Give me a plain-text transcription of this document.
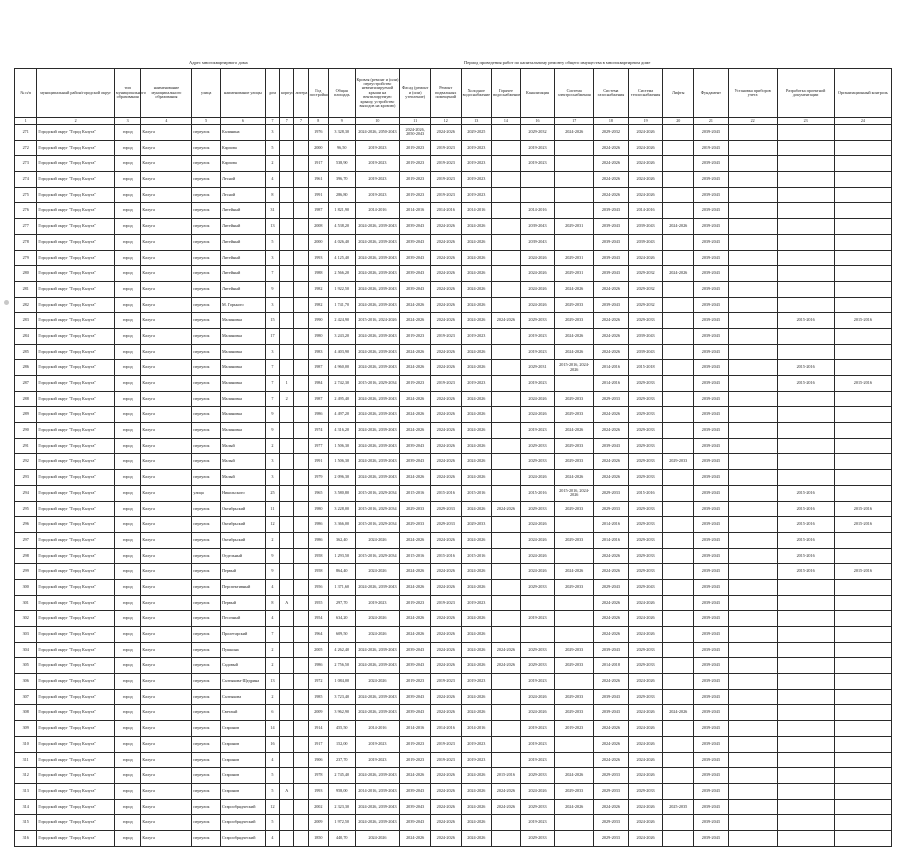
Адрес многоквартирного дома	Период проведения работ по капитальному ремонту общего имущества в многоквартирном доме
№ п/п	муниципальный район/городской округ	тип муниципального образования	наименование муниципального образования	улица	наименование улицы	дом	корпус	литера	Год постройки	Общая площадь	Кровля (ремонт и (или) переустройство невентилируемой крыши на вентилируемую крышу, устройство выходов на кровлю)	Фасад (ремонт и (или) утепление)	Ремонт подвальных помещений	Холодное водоснабжение	Горячее водоснабжение	Канализация	Система электроснабжения	Система газоснабжения	Система теплоснабжения	Лифты	Фундамент	Установка приборов учета	Разработка проектной документации	Организационный контроль
1	2	3	4	5	6	7	7	7	8	9	10	11	12	13	14	16	17	18	19	20	21	22	23	24
271	Городской округ "Город Калуга"	город	Калуга	переулок	Калинина	3			1976	3 328,30	2024-2026, 2050-2043	2024-2026, 2050-2043	2024-2026	2029-2025		2029-2032	2024-2026	2029-2032	2024-2026		2039-2043			
272	Городской округ "Город Калуга"	город	Калуга	переулок	Карпова	5			2000	96,50	2019-2023	2019-2023	2019-2023	2019-2023		2019-2023		2024-2026	2024-2026		2019-2043			
273	Городской округ "Город Калуга"	город	Калуга	переулок	Карпова	2			1917	538,90	2019-2023	2019-2023	2019-2023	2019-2023		2019-2023		2024-2026	2024-2026		2039-2043			
274	Городской округ "Город Калуга"	город	Калуга	переулок	Лесной	4			1961	396,70	2019-2023	2019-2023	2019-2023	2019-2023				2024-2026	2024-2026		2039-2043			
275	Городской округ "Город Калуга"	город	Калуга	переулок	Лесной	8			1991	286,80	2019-2023	2019-2023	2019-2023	2019-2023				2024-2026	2024-2026		2039-2043			
276	Городской округ "Город Калуга"	город	Калуга	переулок	Литейный	31			1987	1 821,90	2014-2016	2014-2016	2014-2016	2014-2016		2014-2016		2039-2043	2014-2016		2039-2043			
277	Городской округ "Город Калуга"	город	Калуга	переулок	Литейный	13			2008	4 538,20	2024-2026, 2039-2043	2039-2043	2024-2026	2024-2026		2039-2043	2029-2031	2039-2043	2039-2043	2024-2026	2039-2043			
278	Городской округ "Город Калуга"	город	Калуга	переулок	Литейный	5			2000	4 026,40	2024-2026, 2039-2043	2039-2043	2024-2026	2024-2026		2039-2043		2039-2043	2039-2043		2039-2043			
279	Городской округ "Город Калуга"	город	Калуга	переулок	Литейный	3			1993	4 125,40	2024-2026, 2039-2043	2039-2043	2024-2026	2024-2026		2024-2026	2029-2031	2039-2043	2024-2026		2039-2043			
280	Городской округ "Город Калуга"	город	Калуга	переулок	Литейный	7			1988	2 566,20	2024-2026, 2039-2043	2039-2043	2024-2026	2024-2026		2024-2026	2029-2031	2039-2043	2029-2032	2024-2026	2039-2043			
281	Городской округ "Город Калуга"	город	Калуга	переулок	Литейный	9			1982	1 922,50	2024-2026, 2039-2043	2039-2043	2024-2026	2024-2026		2024-2026	2024-2026	2024-2026	2029-2032		2039-2043			
282	Городской округ "Город Калуга"	город	Калуга	переулок	М. Горького	3			1982	1 741,70	2024-2026, 2039-2043	2024-2026	2024-2026	2024-2026		2024-2026	2029-2033	2039-2043	2029-2032		2039-2043			
283	Городской округ "Город Калуга"	город	Калуга	переулок	Малиновка	15			1990	2 424,90	2015-2016, 2024-2026	2024-2026	2024-2026	2024-2026	2024-2026	2029-2033	2029-2033	2024-2026	2029-2033		2039-2043		2015-2016	2015-2016
284	Городской округ "Город Калуга"	город	Калуга	переулок	Малиновка	17			1980	3 243,20	2024-2026, 2039-2043	2019-2023	2019-2023	2019-2023		2019-2023	2024-2026	2024-2026	2039-2043		2039-2043			
285	Городской округ "Город Калуга"	город	Калуга	переулок	Малиновка	3			1983	4 403,90	2024-2026, 2039-2043	2024-2026	2024-2026	2024-2026		2019-2023	2024-2026	2024-2026	2039-2043		2039-2043			
286	Городской округ "Город Калуга"	город	Калуга	переулок	Малиновка	7			1987	4 960,00	2024-2026, 2039-2043	2024-2026	2024-2026	2024-2026		2029-2031	2015-2016, 2024-2026	2014-2016	2015-2018		2039-2043		2015-2016	
287	Городской округ "Город Калуга"	город	Калуга	переулок	Малиновка	7	1		1984	2 742,30	2015-2016, 2029-2034	2019-2023	2019-2023	2019-2023		2019-2023		2014-2016	2029-2033		2039-2043		2015-2016	2015-2016
288	Городской округ "Город Калуга"	город	Калуга	переулок	Малиновка	7	2		1987	2 495,40	2024-2026, 2039-2043	2024-2026	2024-2026	2024-2026		2024-2026	2029-2033	2029-2033	2029-2033		2039-2043			
289	Городской округ "Город Калуга"	город	Калуга	переулок	Малиновка	9			1986	4 497,20	2024-2026, 2039-2043	2024-2026	2024-2026	2024-2026		2024-2026	2029-2033	2024-2026	2029-2033		2039-2043			
290	Городской округ "Город Калуга"	город	Калуга	переулок	Малиновка	9			1974	4 316,20	2024-2026, 2039-2043	2024-2026	2024-2026	2024-2026		2019-2023	2024-2026	2024-2026	2029-2033		2039-2043			
291	Городской округ "Город Калуга"	город	Калуга	переулок	Малый	2			1977	1 506,30	2024-2026, 2039-2043	2039-2043	2024-2026	2024-2026		2029-2033	2029-2033	2039-2043	2029-2033		2039-2043			
292	Городской округ "Город Калуга"	город	Калуга	переулок	Малый	3			1991	1 506,30	2024-2026, 2039-2043	2039-2043	2024-2026	2024-2026		2029-2033	2029-2033	2024-2026	2029-2033	2029-2033	2039-2043			
293	Городской округ "Город Калуга"	город	Калуга	переулок	Малый	3			1979	2 096,30	2024-2026, 2039-2043	2024-2026	2024-2026	2024-2026		2024-2026	2024-2026	2024-2026	2029-2033		2039-2043			
294	Городской округ "Город Калуга"	город	Калуга	улица	Никольского	25			1965	3 580,80	2015-2016, 2029-2034	2015-2016	2015-2016	2015-2016		2015-2016	2015-2016, 2024-2026	2029-2033	2015-2016		2039-2043		2015-2016	
295	Городской округ "Город Калуга"	город	Калуга	переулок	Октябрьский	11			1980	3 228,00	2015-2016, 2029-2034	2029-2033	2029-2033	2024-2026	2024-2026	2029-2033	2029-2033	2029-2033	2029-2033		2039-2043		2015-2016	2015-2016
296	Городской округ "Город Калуга"	город	Калуга	переулок	Октябрьский	12			1986	3 366,00	2015-2016, 2029-2034	2029-2033	2029-2033	2029-2033		2024-2026		2014-2016	2029-2033		2039-2043		2015-2016	2015-2016
297	Городской округ "Город Калуга"	город	Калуга	переулок	Октябрьский	2			1986	362,40	2024-2026	2024-2026	2024-2026	2024-2026		2024-2026	2029-2033	2014-2016	2029-2033		2039-2043		2015-2016	
298	Городской округ "Город Калуга"	город	Калуга	переулок	Отдельный	9			1958	1 293,50	2015-2016, 2029-2034	2015-2016	2015-2016	2015-2016		2024-2026		2024-2026	2029-2033		2039-2043		2015-2016	
299	Городской округ "Город Калуга"	город	Калуга	переулок	Первый	9			1958	864,40	2024-2026	2024-2026	2024-2026	2024-2026		2024-2026	2024-2026	2024-2026	2029-2033		2039-2043		2015-2016	2015-2016
300	Городской округ "Город Калуга"	город	Калуга	переулок	Перспективный	4			1956	1 371,60	2024-2026, 2039-2043	2024-2026	2024-2026	2024-2026		2029-2033	2029-2033	2029-2043	2029-2043		2039-2043			
301	Городской округ "Город Калуга"	город	Калуга	переулок	Первый	8	А		1955	297,70	2019-2023	2019-2023	2019-2023	2019-2023				2024-2026	2024-2026		2039-2043			
302	Городской округ "Город Калуга"	город	Калуга	переулок	Песочный	4			1954	634,20	2024-2026	2024-2026	2024-2026	2024-2026		2019-2023		2024-2026	2024-2026		2039-2043			
303	Городской округ "Город Калуга"	город	Калуга	переулок	Пролетарский	7			1964	609,50	2024-2026	2024-2026	2024-2026	2024-2026				2024-2026	2024-2026		2039-2043			
304	Городской округ "Город Калуга"	город	Калуга	переулок	Пушкина	2			2005	4 262,40	2024-2026, 2039-2043	2039-2043	2024-2026	2024-2026	2024-2026	2029-2033	2029-2033	2039-2043	2029-2033		2039-2043			
305	Городской округ "Город Калуга"	город	Калуга	переулок	Садовый	2			1986	2 756,50	2024-2026, 2039-2043	2039-2043	2024-2026	2024-2026	2024-2026	2029-2033	2029-2033	2014-2018	2029-2033		2039-2043			
306	Городской округ "Город Калуга"	город	Калуга	переулок	Салтыкова-Щедрина	13			1972	1 084,00	2024-2026	2019-2023	2019-2023	2019-2023		2019-2023		2024-2026	2024-2026		2039-2043			
307	Городской округ "Город Калуга"	город	Калуга	переулок	Салтыкова	2			1985	3 723,40	2024-2026, 2039-2043	2039-2043	2024-2026	2024-2026		2024-2026	2029-2033	2039-2043	2029-2033		2039-2043			
308	Городской округ "Город Калуга"	город	Калуга	переулок	Светлый	6			2009	3 962,90	2024-2026, 2039-2043	2039-2043	2024-2026	2024-2026		2024-2026	2029-2033	2039-2043	2024-2026	2024-2026	2039-2043			
309	Городской округ "Город Калуга"	город	Калуга	переулок	Старинов	14			1914	455,50	2014-2016	2014-2016	2014-2016	2014-2016		2019-2023	2019-2023	2024-2026	2024-2026		2039-2043			
310	Городской округ "Город Калуга"	город	Калуга	переулок	Старинов	16			1917	152,00	2019-2023	2019-2023	2019-2023	2019-2023		2019-2023		2024-2026	2024-2026		2039-2043			
311	Городской округ "Город Калуга"	город	Калуга	переулок	Старинов	4			1906	237,70	2019-2023	2019-2023	2019-2023	2019-2023		2019-2023		2024-2026	2024-2026		2039-2043			
312	Городской округ "Город Калуга"	город	Калуга	переулок	Старинов	5			1978	2 745,40	2024-2026, 2039-2043	2024-2026	2024-2026	2024-2026	2015-2016	2029-2033	2024-2026	2029-2033	2024-2026		2039-2043			
313	Городской округ "Город Калуга"	город	Калуга	переулок	Старинов	5	А		1993	958,00	2014-2016, 2039-2043	2039-2043	2024-2026	2024-2026	2024-2026	2024-2026	2029-2033	2029-2033	2029-2033		2039-2043			
314	Городской округ "Город Калуга"	город	Калуга	переулок	Старообрядческий	12			2002	2 323,30	2024-2026, 2039-2043	2039-2043	2024-2026	2024-2026	2024-2026	2029-2033	2024-2026	2024-2026	2024-2026	2025-2035	2039-2043			
315	Городской округ "Город Калуга"	город	Калуга	переулок	Старообрядческий	5			2009	1 972,50	2024-2026, 2039-2043	2039-2043	2024-2026	2024-2026		2019-2023		2029-2033	2024-2026		2039-2043			
316	Городской округ "Город Калуга"	город	Калуга	переулок	Старообрядческий	4			1850	440,70	2024-2026	2024-2026	2024-2026	2024-2026		2029-2033		2029-2033	2024-2026		2039-2043			
